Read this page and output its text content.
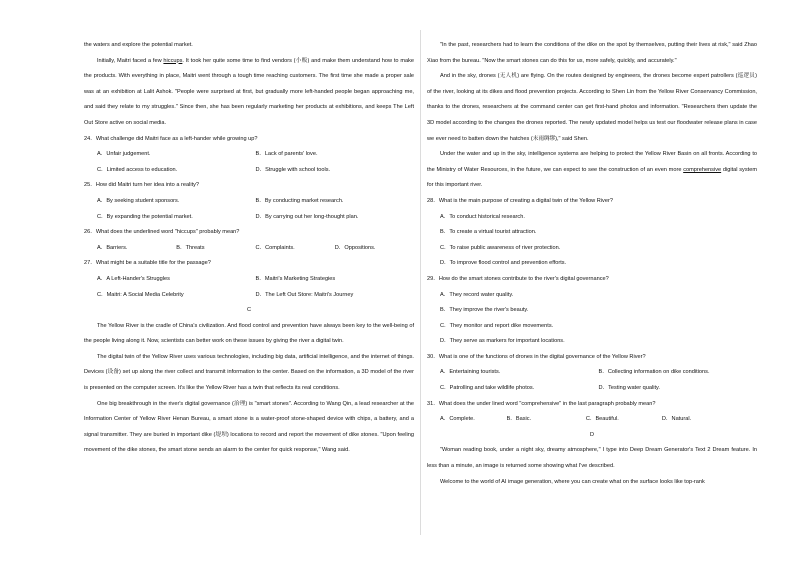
the waters and explore the potential market.

Initially, Maitri faced a few hiccups. It took her quite some time to find vendors (小贩) and make them understand how to make the products. With everything in place, Maitri went through a tough time reaching customers. The first time she made a proper sale was at an exhibition at Lalit Ashok. "People were surprised at first, but gradually more left-handed people began approaching me, and said they relate to my struggles." Since then, she has been regularly marketing her products at exhibitions, and keeps The Left Out Store active on social media.

24．What challenge did Maitri face as a left-hander while growing up?

A．Unfair judgement.	B．Lack of parents' love.
C．Limited access to education.	D．Struggle with school tools.

25．How did Maitri turn her idea into a reality?

A．By seeking student sponsors.	B．By conducting market research.
C．By expanding the potential market.	D．By carrying out her long-thought plan.

26．What does the underlined word "hiccups" probably mean?

A．Barriers.	B．Threats	C．Complaints.	D．Oppositions.

27．What might be a suitable title for the passage?

A．A Left-Hander's Struggles	B．Maitri's Marketing Strategies
C．Maitri: A Social Media Celebrity	D．The Left Out Store: Maitri's Journey

C

The Yellow River is the cradle of China's civilization. And flood control and prevention have always been key to the well-being of the people living along it. Now, scientists can better work on these issues by giving the river a digital twin.

The digital twin of the Yellow River uses various technologies, including big data, artificial intelligence, and the internet of things. Devices (设备) set up along the river collect and transmit information to the center. Based on the information, a 3D model of the river is presented on the computer screen. It's like the Yellow River has a twin that reflects its real conditions.

One big breakthrough in the river's digital governance (治理) is "smart stones". According to Wang Qin, a lead researcher at the Information Center of Yellow River Henan Bureau, a smart stone is a water-proof stone-shaped device with chips, a battery, and a signal transmitter. They are buried in important dike (堤坝) locations to record and report the movement of dike stones. "Upon feeling movement of the dike stones, the smart stone sends an alarm to the center for quick response," Wang said.

"In the past, researchers had to learn the conditions of the dike on the spot by themselves, putting their lives at risk," said Zhao Xiao from the bureau. "Now the smart stones can do this for us, more safely, quickly, and accurately."

And in the sky, drones (无人机) are flying. On the routes designed by engineers, the drones become expert patrollers (巡逻员) of the river, looking at its dikes and flood prevention projects. According to Shen Lin from the Yellow River Conservancy Commission, thanks to the drones, researchers at the command center can get first-hand photos and information. "Researchers then update the 3D model according to the changes the drones reported. The newly updated model helps us test our floodwater release plans in case we ever need to batten down the hatches (未雨绸缪)," said Shen.

Under the water and up in the sky, intelligence systems are helping to protect the Yellow River Basin on all fronts. According to the Ministry of Water Resources, in the future, we can expect to see the construction of an even more comprehensive digital system for this important river.

28．What is the main purpose of creating a digital twin of the Yellow River?

A．To conduct historical research.

B．To create a virtual tourist attraction.

C．To raise public awareness of river protection.

D．To improve flood control and prevention efforts.

29．How do the smart stones contribute to the river's digital governance?

A．They record water quality.

B．They improve the river's beauty.

C．They monitor and report dike movements.

D．They serve as markers for important locations.

30．What is one of the functions of drones in the digital governance of the Yellow River?

A．Entertaining tourists.	B．Collecting information on dike conditions.
C．Patrolling and take wildlife photos.	D．Testing water quality.

31．What does the under lined word "comprehensive" in the last paragraph probably mean?

A．Complete.	B．Basic.	C．Beautiful.	D．Natural.

D

"Woman reading book, under a night sky, dreamy atmosphere," I type into Deep Dream Generator's Text 2 Dream feature. In less than a minute, an image is returned some showing what I've described.

Welcome to the world of AI image generation, where you can create what on the surface looks like top-rank
